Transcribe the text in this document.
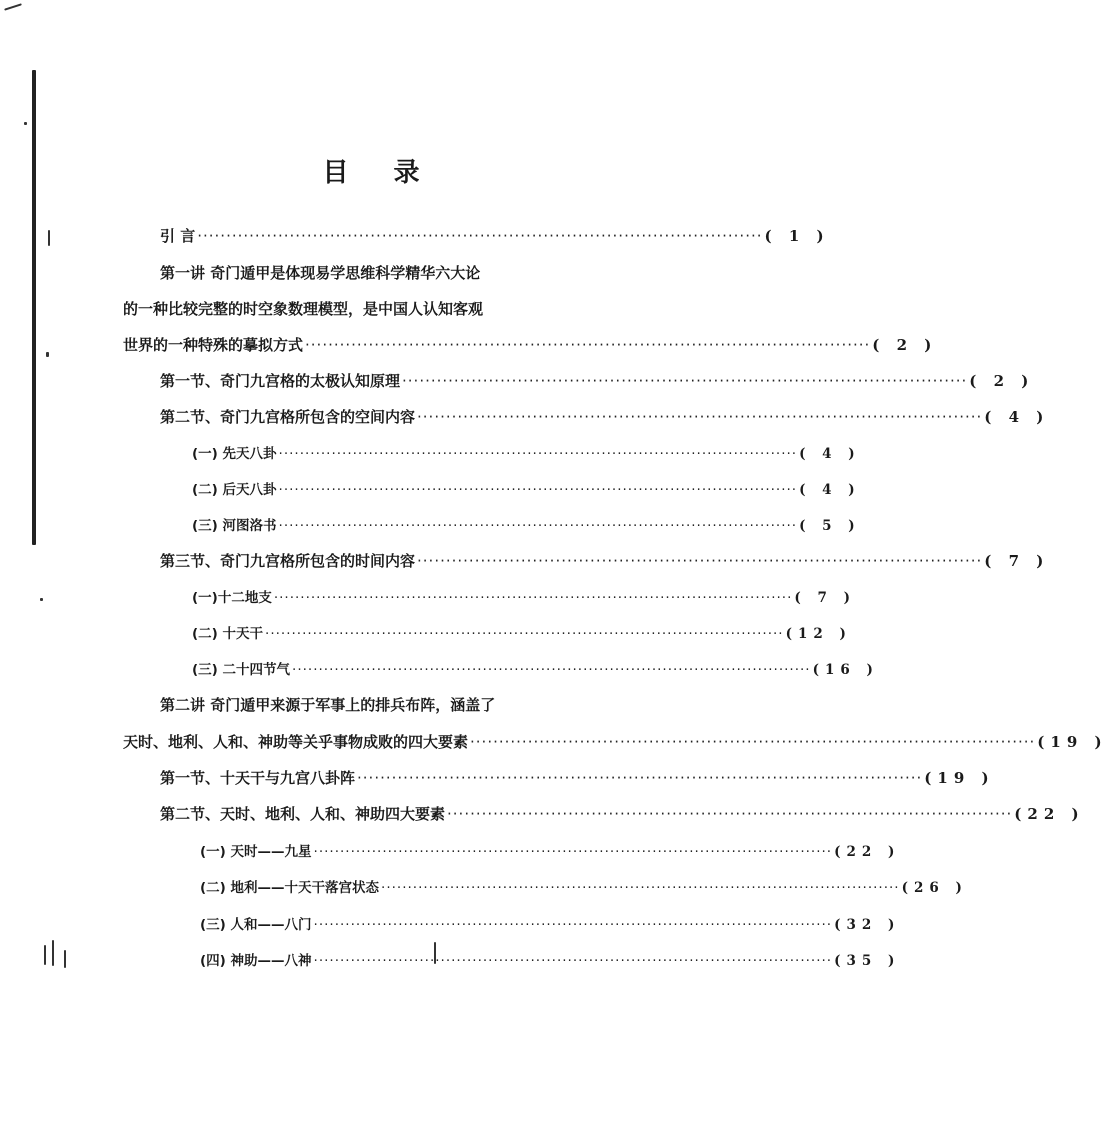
目 录
引 言 ·································································································· ( 1 )
第一讲 奇门遁甲是体现易学思维科学精华六大论
的一种比较完整的时空象数理模型，是中国人认知客观
世界的一种特殊的摹拟方式 ·································································································· ( 2 )
第一节、奇门九宫格的太极认知原理 ·································································································· ( 2 )
第二节、奇门九宫格所包含的空间内容 ·································································································· ( 4 )
(一) 先天八卦 ·································································································· ( 4 )
(二) 后天八卦 ·································································································· ( 4 )
(三) 河图洛书 ·································································································· ( 5 )
第三节、奇门九宫格所包含的时间内容 ·································································································· ( 7 )
(一)十二地支 ·································································································· ( 7 )
(二) 十天干 ·································································································· (12 )
(三) 二十四节气 ·································································································· (16 )
第二讲 奇门遁甲来源于军事上的排兵布阵，涵盖了
天时、地利、人和、神助等关乎事物成败的四大要素 ·································································································· (19 )
第一节、十天干与九宫八卦阵 ·································································································· (19 )
第二节、天时、地利、人和、神助四大要素 ·································································································· (22 )
(一) 天时——九星 ·································································································· (22 )
(二) 地利——十天干落宫状态 ·································································································· (26 )
(三) 人和——八门 ·································································································· (32 )
(四) 神助——八神 ·································································································· (35 )
